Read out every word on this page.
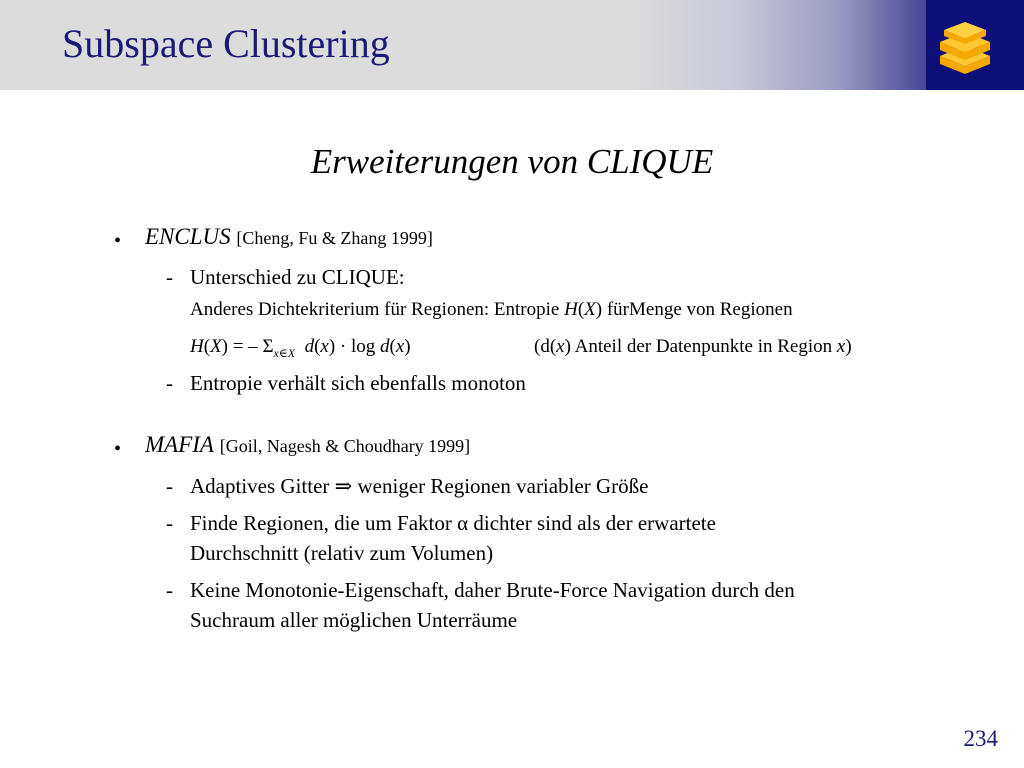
Subspace Clustering
Erweiterungen von CLIQUE
• ENCLUS [Cheng, Fu & Zhang 1999]
- Unterschied zu CLIQUE:
Anderes Dichtekriterium für Regionen: Entropie H(X) fürMenge von Regionen
H(X) = – $\Sigma_{x\in X}$ d(x) · log d(x)	(d(x) Anteil der Datenpunkte in Region x)
- Entropie verhält sich ebenfalls monoton
• MAFIA [Goil, Nagesh & Choudhary 1999]
- Adaptives Gitter ⇒ weniger Regionen variabler Größe
- Finde Regionen, die um Faktor α dichter sind als der erwartete
Durchschnitt (relativ zum Volumen)
- Keine Monotonie-Eigenschaft, daher Brute-Force Navigation durch den
Suchraum aller möglichen Unterräume
234
